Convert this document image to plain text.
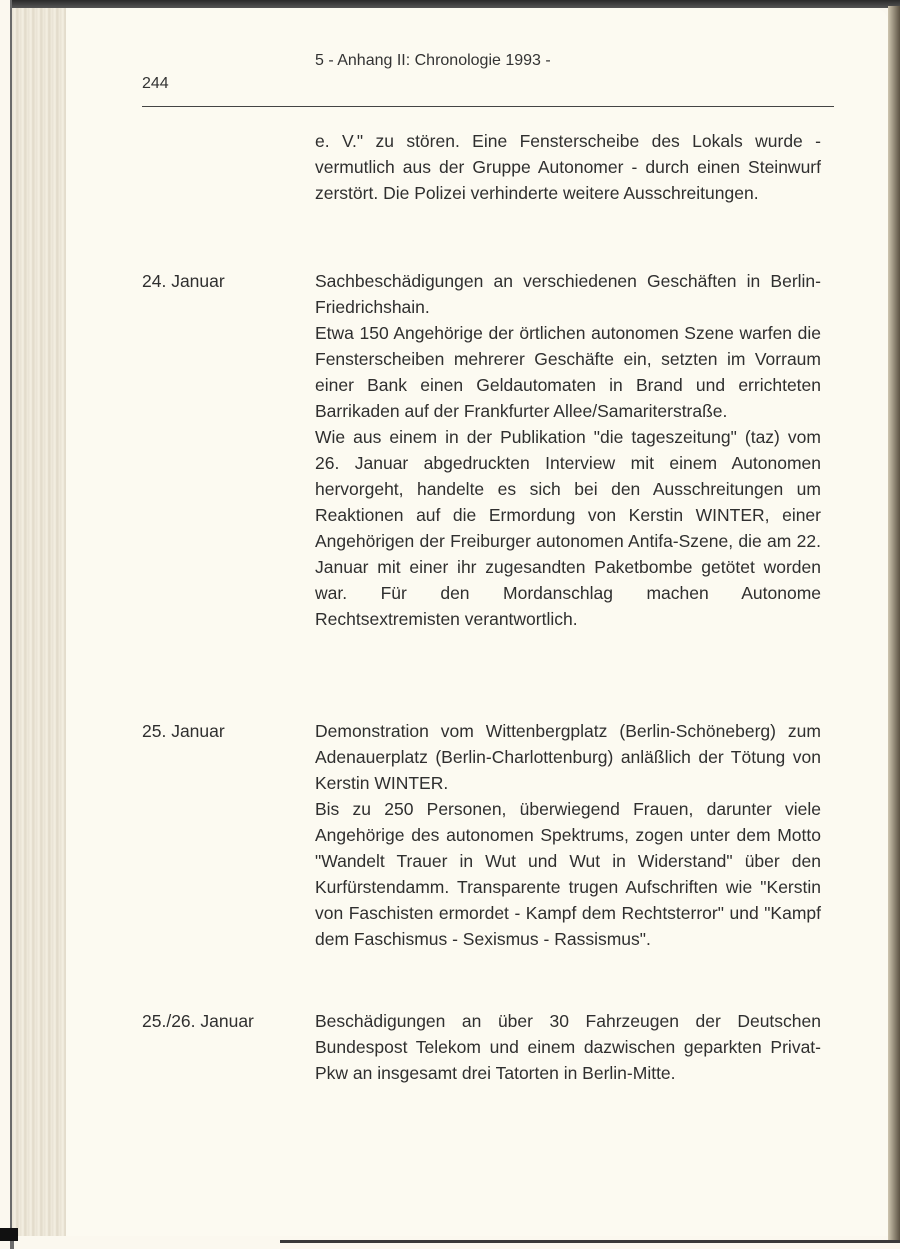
5 - Anhang II: Chronologie 1993 -
244

e. V." zu stören. Eine Fensterscheibe des Lokals wurde - vermutlich aus der Gruppe Autonomer - durch einen Steinwurf zerstört. Die Polizei verhinderte weitere Ausschreitungen.

24. Januar	Sachbeschädigungen an verschiedenen Geschäften in Berlin-Friedrichshain.

Etwa 150 Angehörige der örtlichen autonomen Szene warfen die Fensterscheiben mehrerer Geschäfte ein, setzten im Vorraum einer Bank einen Geldautomaten in Brand und errichteten Barrikaden auf der Frankfurter Allee/Samariterstraße.

Wie aus einem in der Publikation "die tageszeitung" (taz) vom 26. Januar abgedruckten Interview mit einem Autonomen hervorgeht, handelte es sich bei den Ausschreitungen um Reaktionen auf die Ermordung von Kerstin WINTER, einer Angehörigen der Freiburger autonomen Antifa-Szene, die am 22. Januar mit einer ihr zugesandten Paketbombe getötet worden war. Für den Mordanschlag machen Autonome Rechtsextremisten verantwortlich.

25. Januar	Demonstration vom Wittenbergplatz (Berlin-Schöneberg) zum Adenauerplatz (Berlin-Charlottenburg) anläßlich der Tötung von Kerstin WINTER.

Bis zu 250 Personen, überwiegend Frauen, darunter viele Angehörige des autonomen Spektrums, zogen unter dem Motto "Wandelt Trauer in Wut und Wut in Widerstand" über den Kurfürstendamm. Transparente trugen Aufschriften wie "Kerstin von Faschisten ermordet - Kampf dem Rechtsterror" und "Kampf dem Faschismus - Sexismus - Rassismus".

25./26. Januar	Beschädigungen an über 30 Fahrzeugen der Deutschen Bundespost Telekom und einem dazwischen geparkten Privat-Pkw an insgesamt drei Tatorten in Berlin-Mitte.
